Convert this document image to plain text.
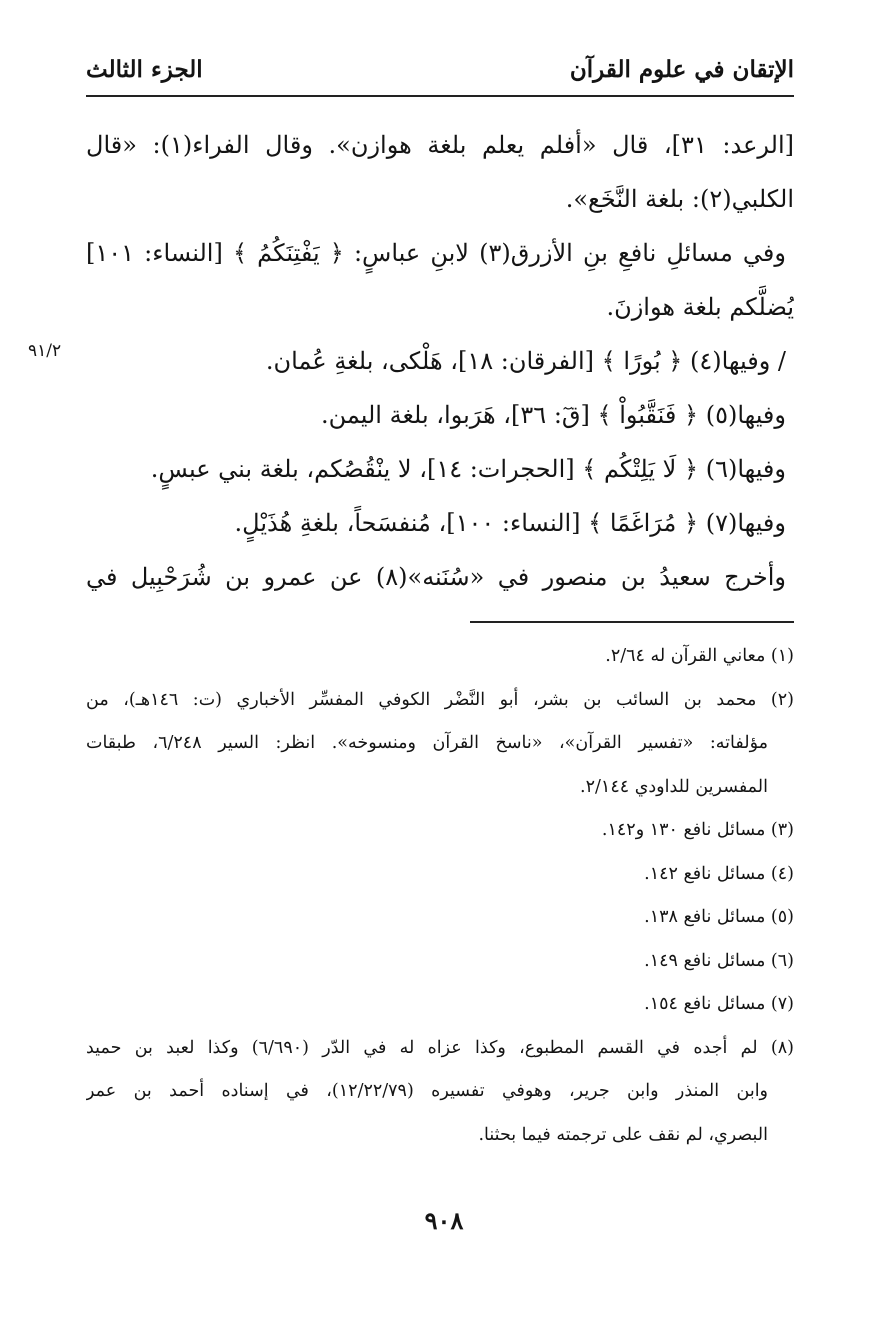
الإتقان في علوم القرآن
الجزء الثالث
٩١/٢
[الرعد: ٣١]، قال «أفلم يعلم بلغة هوازن». وقال الفراء(١): «قال
الكلبي(٢): بلغة النَّخَع».
وفي مسائلِ نافعِ بنِ الأزرق(٣) لابنِ عباسٍ: ﴿ يَفْتِنَكُمُ ﴾ [النساء: ١٠١]
يُضلَّكم بلغة هوازنَ.
/ وفيها(٤) ﴿ بُورًا ﴾ [الفرقان: ١٨]، هَلْكى، بلغةِ عُمان.
وفيها(٥) ﴿ فَنَقَّبُواْ ﴾ [قٓ: ٣٦]، هَرَبوا، بلغة اليمن.
وفيها(٦) ﴿ لَا يَلِتْكُم ﴾ [الحجرات: ١٤]، لا ينْقُصُكم، بلغة بني عبسٍ.
وفيها(٧) ﴿ مُرَاغَمًا ﴾ [النساء: ١٠٠]، مُنفسَحاً، بلغةِ هُذَيْلٍ.
وأخرج سعيدُ بن منصور في «سُنَنه»(٨) عن عمرو بن شُرَحْبِيل في
(١) معاني القرآن له ٢/٦٤.
(٢) محمد بن السائب بن بشر، أبو النَّضْر الكوفي المفسِّر الأخباري (ت: ١٤٦هـ)، من
مؤلفاته: «تفسير القرآن»، «ناسخ القرآن ومنسوخه». انظر: السير ٦/٢٤٨، طبقات
المفسرين للداودي ٢/١٤٤.
(٣) مسائل نافع ١٣٠ و١٤٢.
(٤) مسائل نافع ١٤٢.
(٥) مسائل نافع ١٣٨.
(٦) مسائل نافع ١٤٩.
(٧) مسائل نافع ١٥٤.
(٨) لم أجده في القسم المطبوع، وكذا عزاه له في الدّر (٦/٦٩٠) وكذا لعبد بن حميد
وابن المنذر وابن جرير، وهوفي تفسيره (١٢/٢٢/٧٩)، في إسناده أحمد بن عمر
البصري، لم نقف على ترجمته فيما بحثنا.
٩٠٨
